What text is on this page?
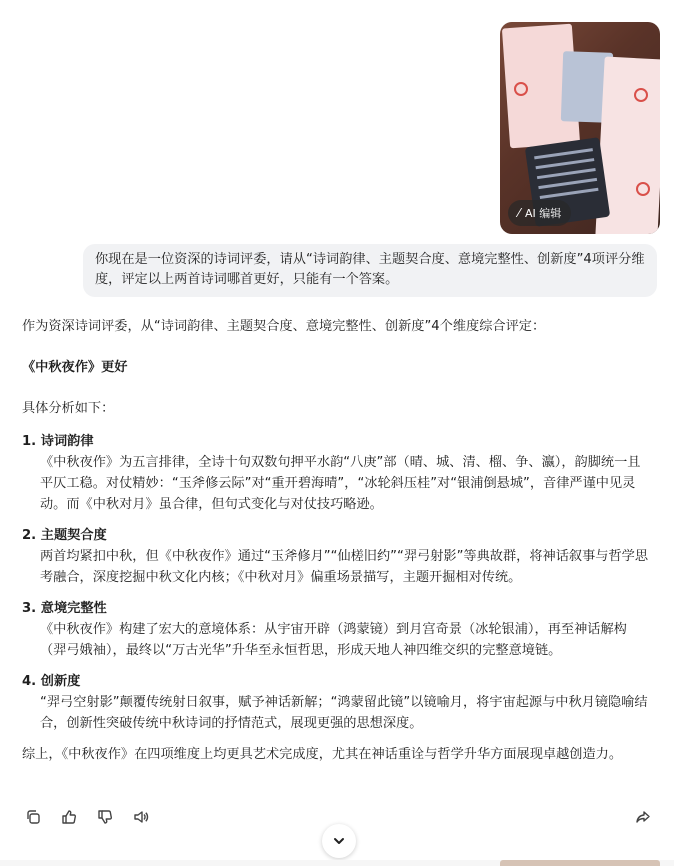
⁄ AI 编辑
你现在是一位资深的诗词评委，请从“诗词韵律、主题契合度、意境完整性、创新度”4项评分维度，评定以上两首诗词哪首更好，只能有一个答案。

作为资深诗词评委，从“诗词韵律、主题契合度、意境完整性、创新度”4个维度综合评定：

《中秋夜作》更好

具体分析如下：

1. 诗词韵律

《中秋夜作》为五言排律，全诗十句双数句押平水韵“八庚”部（晴、城、清、榴、争、瀛），韵脚统一且平仄工稳。对仗精妙：“玉斧修云际”对“重开碧海晴”，“冰轮斜压桂”对“银浦倒悬城”，音律严谨中见灵动。而《中秋对月》虽合律，但句式变化与对仗技巧略逊。

2. 主题契合度

两首均紧扣中秋，但《中秋夜作》通过“玉斧修月”“仙槎旧约”“羿弓射影”等典故群，将神话叙事与哲学思考融合，深度挖掘中秋文化内核；《中秋对月》偏重场景描写，主题开掘相对传统。

3. 意境完整性

《中秋夜作》构建了宏大的意境体系：从宇宙开辟（鸿蒙镜）到月宫奇景（冰轮银浦），再至神话解构（羿弓娥袖），最终以“万古光华”升华至永恒哲思，形成天地人神四维交织的完整意境链。

4. 创新度

“羿弓空射影”颠覆传统射日叙事，赋予神话新解；“鸿蒙留此镜”以镜喻月，将宇宙起源与中秋月镜隐喻结合，创新性突破传统中秋诗词的抒情范式，展现更强的思想深度。

综上，《中秋夜作》在四项维度上均更具艺术完成度，尤其在神话重诠与哲学升华方面展现卓越创造力。
